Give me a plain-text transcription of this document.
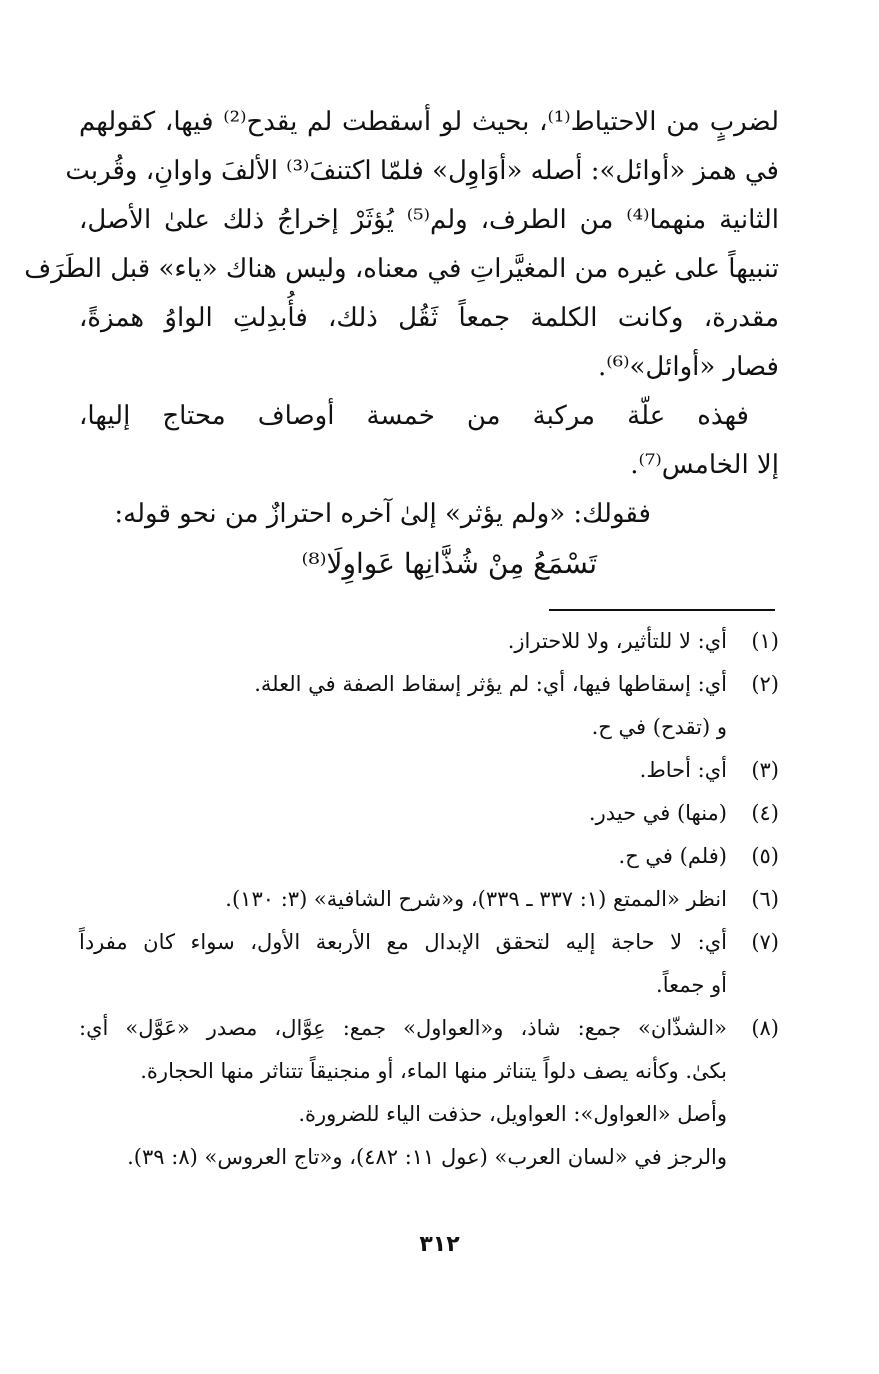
لضربٍ من الاحتياط⁽¹⁾، بحيث لو أسقطت لم يقدح⁽²⁾ فيها، كقولهم
في همز «أوائل»: أصله «أوَاوِل» فلمّا اكتنفَ⁽³⁾ الألفَ واوانِ، وقُربت
الثانية منهما⁽⁴⁾ من الطرف، ولم⁽⁵⁾ يُؤثَرْ إخراجُ ذلك علىٰ الأصل،
تنبيهاً على غيره من المغيَّراتِ في معناه، وليس هناك «ياء» قبل الطَرَف
مقدرة، وكانت الكلمة جمعاً ثَقُل ذلك، فأُبدِلتِ الواوُ همزةً،
فصار «أوائل»⁽⁶⁾.
فهذه علّة مركبة من خمسة أوصاف محتاج إليها،
إلا الخامس⁽⁷⁾.
فقولك: «ولم يؤثر» إلىٰ آخره احترازٌ من نحو قوله:
تَسْمَعُ مِنْ شُذَّانِها عَواوِلَا⁽⁸⁾
(١)
أي: لا للتأثير، ولا للاحتراز.
(٢)
أي: إسقاطها فيها، أي: لم يؤثر إسقاط الصفة في العلة.
و (تقدح) في ح.
(٣)
أي: أحاط.
(٤)
(منها) في حيدر.
(٥)
(فلم) في ح.
(٦)
انظر «الممتع (١: ٣٣٧ ـ ٣٣٩)، و«شرح الشافية» (٣: ١٣٠).
(٧)
أي: لا حاجة إليه لتحقق الإبدال مع الأربعة الأول، سواء كان مفرداً
أو جمعاً.
(٨)
«الشذّان» جمع: شاذ، و«العواول» جمع: عِوَّال، مصدر «عَوَّل» أي:
بكىٰ. وكأنه يصف دلواً يتناثر منها الماء، أو منجنيقاً تتناثر منها الحجارة.
وأصل «العواول»: العواويل، حذفت الياء للضرورة.
والرجز في «لسان العرب» (عول ١١: ٤٨٢)، و«تاج العروس» (٨: ٣٩).
٣١٢
